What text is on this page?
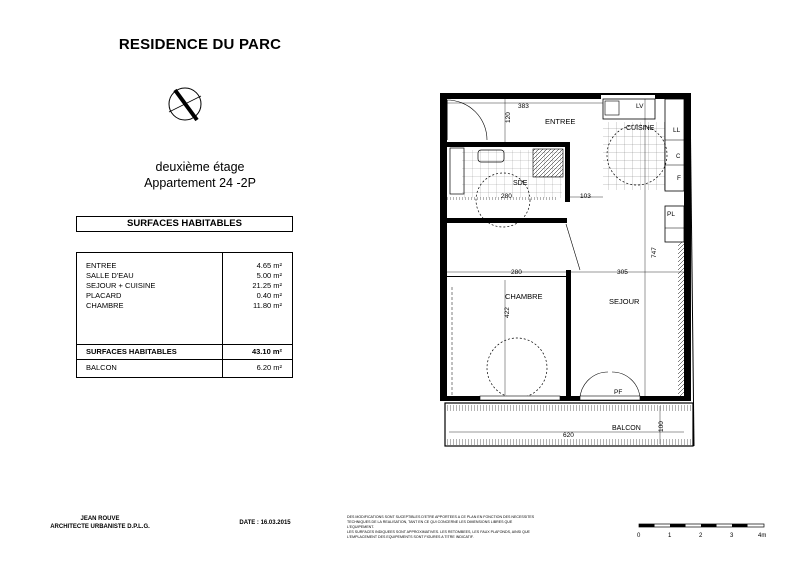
RESIDENCE DU PARC
deuxième étage
Appartement 24 -2P
SURFACES HABITABLES
ENTREE	4.65 m²
SALLE D'EAU	5.00 m²
SEJOUR + CUISINE	21.25 m²
PLACARD	0.40 m²
CHAMBRE	11.80 m²
SURFACES HABITABLES	43.10 m²
BALCON	6.20 m²
ENTREE
CUISINE
LV
LL
C
F
PL
SDE
CHAMBRE
SEJOUR
PF
BALCON
383
120
280	103
747
280	305
422
620
100
0	1	2	3	4m
JEAN ROUVE
ARCHITECTE URBANISTE D.P.L.G.
DATE : 16.03.2015
DES MODIFICATIONS SONT SUCEPTIBLES D'ETRE APPORTEES A CE PLAN EN FONCTION DES NECESSITES
TECHNIQUES DE LA REALISATION, TANT EN CE QUI CONCERNE LES DIMENSIONS LIBRES QUE
L'EQUIPEMENT.
LES SURFACES INDIQUEES SONT APPROXIMATIVES. LES RETOMBEES, LES FAUX PLAFONDS, AINSI QUE
L'EMPLACEMENT DES EQUIPEMENTS SONT FIGURES A TITRE INDICATIF.
